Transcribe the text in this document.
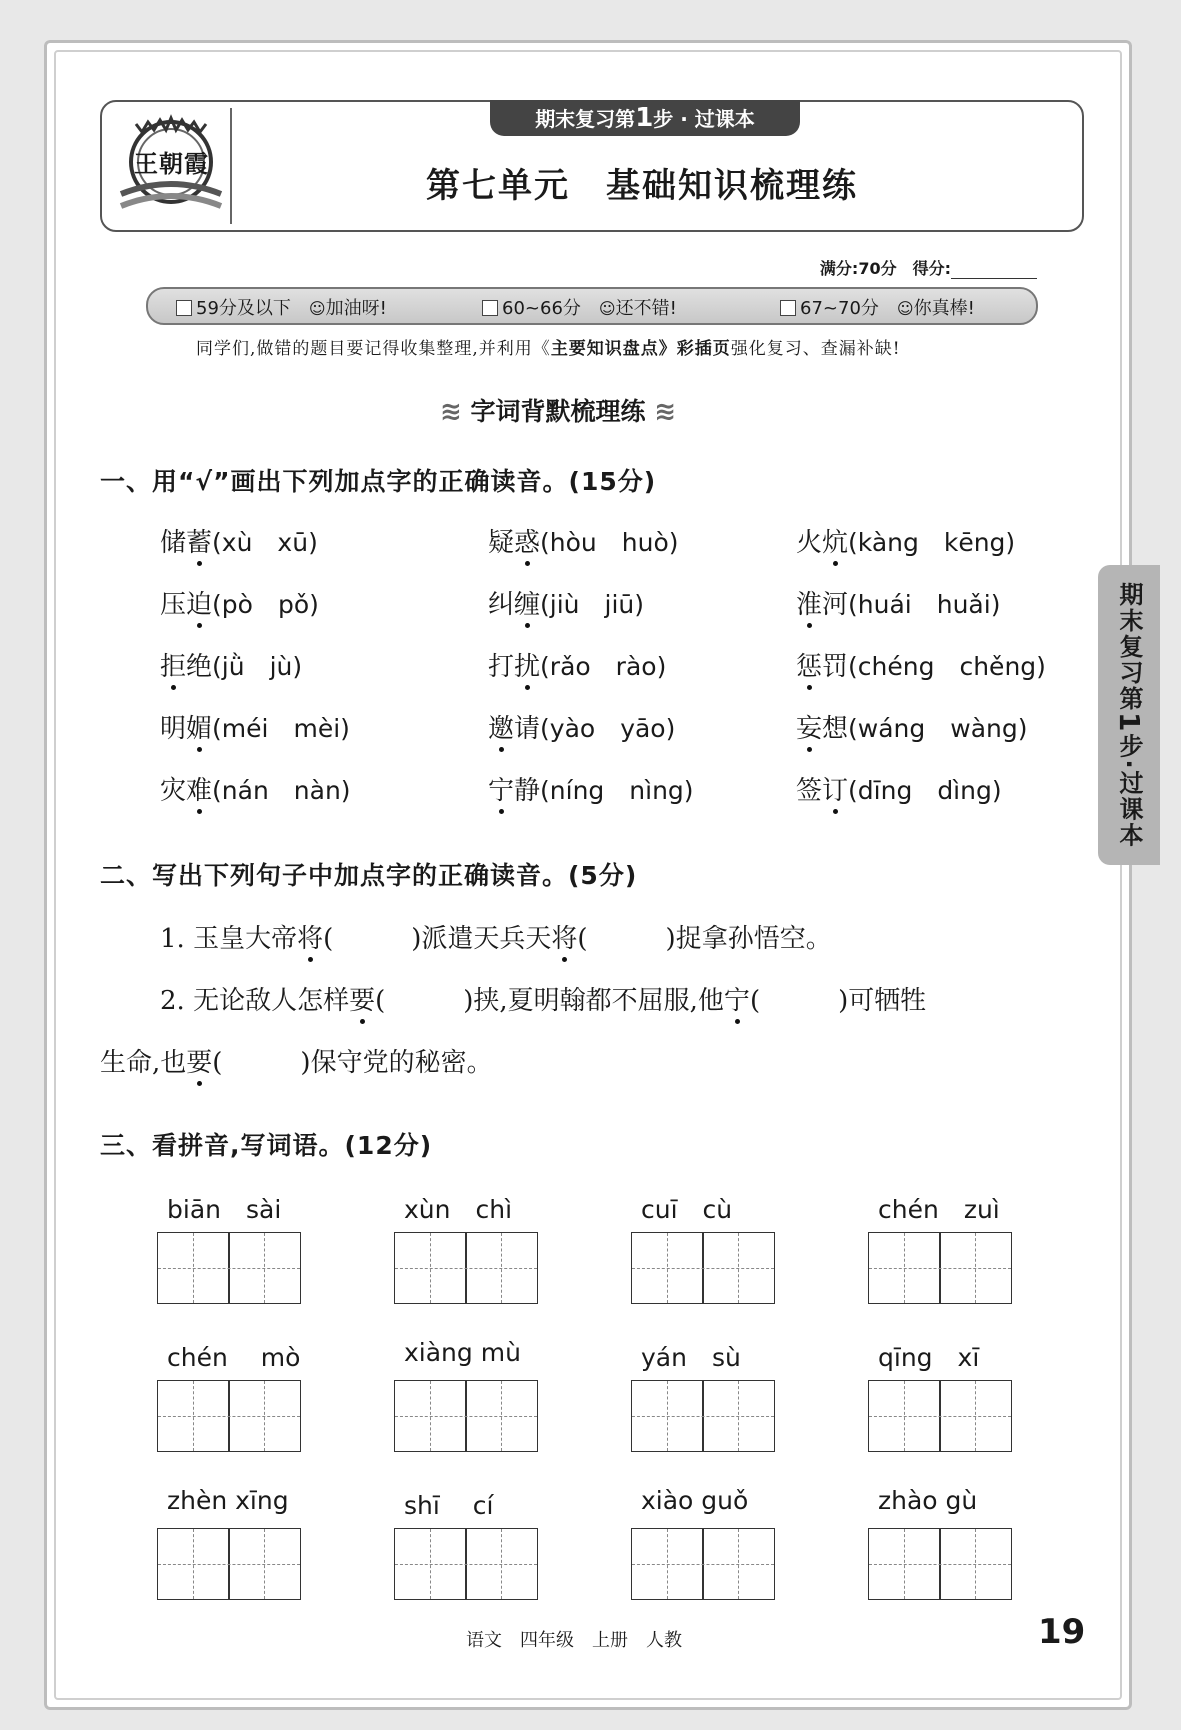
王朝霞
期末复习第1步 · 过课本
第七单元　基础知识梳理练
满分:70分　得分:
59分及以下 ☺加油呀!	60~66分 ☺还不错!	67~70分 ☺你真棒!
同学们,做错的题目要记得收集整理,并利用《主要知识盘点》彩插页强化复习、查漏补缺!
≋ 字词背默梳理练 ≋
一、用“√”画出下列加点字的正确读音。(15分)
储蓄(xù　xū)	疑惑(hòu　huò)	火炕(kàng　kēng)
压迫(pò　pǒ)	纠缠(jiù　jiū)	淮河(huái　huǎi)
拒绝(jǜ　jù)	打扰(rǎo　rào)	惩罚(chéng　chěng)
明媚(méi　mèi)	邀请(yào　yāo)	妄想(wáng　wàng)
灾难(nán　nàn)	宁静(níng　nìng)	签订(dīng　dìng)
二、写出下列句子中加点字的正确读音。(5分)
1. 玉皇大帝将(　　　)派遣天兵天将(　　　)捉拿孙悟空。
2. 无论敌人怎样要(　　　)挟,夏明翰都不屈服,他宁(　　　)可牺牲
生命,也要(　　　)保守党的秘密。
三、看拼音,写词语。(12分)
biān　sài	xùn　chì	cuī　cù	chén　zuì
chén　 mò	xiàng mù	yán　sù	qīng　xī
zhèn xīng	shī　 cí	xiào guǒ	zhào gù
期末复习第1步·过课本
语文　四年级　上册　人教	19
